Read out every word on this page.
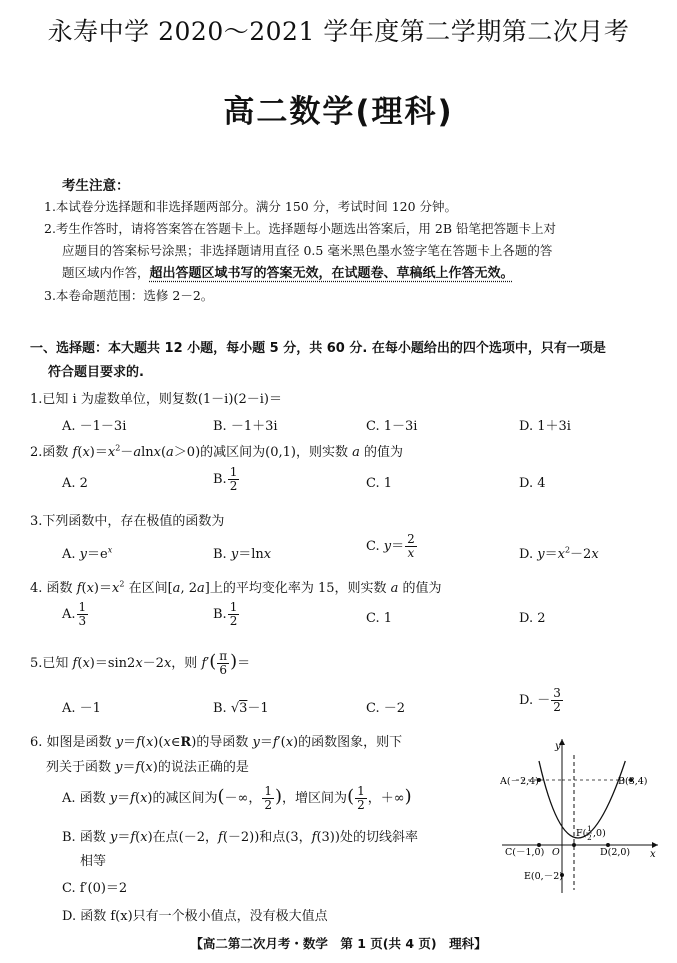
永寿中学 2020～2021 学年度第二学期第二次月考
高二数学(理科)
考生注意：
1.本试卷分选择题和非选择题两部分。满分 150 分，考试时间 120 分钟。
2.考生作答时，请将答案答在答题卡上。选择题每小题选出答案后，用 2B 铅笔把答题卡上对
应题目的答案标号涂黑；非选择题请用直径 0.5 毫米黑色墨水签字笔在答题卡上各题的答
题区域内作答，超出答题区域书写的答案无效，在试题卷、草稿纸上作答无效。
3.本卷命题范围：选修 2－2。
一、选择题：本大题共 12 小题，每小题 5 分，共 60 分. 在每小题给出的四个选项中，只有一项是
符合题目要求的.
1.已知 i 为虚数单位，则复数(1－i)(2－i)＝
A. －1－3i	B. －1＋3i	C. 1－3i	D. 1＋3i
2.函数 $f(x)=x^2-alnx(a>0)$的减区间为(0,1)，则实数 a 的值为
A. 2	B. $\frac{1}{2}$	C. 1	D. 4
3.下列函数中，存在极值的函数为
A. $y=e^x$	B. y＝lnx
C. $y= \frac{2}{x}$	D. $y=x^2-2x$
4. 函数 $f(x)=x^2$ 在区间[a, 2a]上的平均变化率为 15，则实数 a 的值为
A. $\frac{1}{3}$	B. $\frac{1}{2}$	C. 1	D. 2
5.已知 f(x)＝sin2x－2x，则 $f'( \frac{\pi}{6}$ )＝
A. －1	B. √3－1	C. －2
D. － $\frac{3}{2}$
6. 如图是函数 y＝f(x)(x∈R)的导函数 y＝f′(x)的函数图象，则下
列关于函数 y＝f(x)的说法正确的是
A. 函数 y＝f(x)的减区间为(－∞， $\frac{1}{2}$ )，增区间为( $\frac{1}{2}$ ，＋∞)
B. 函数 y＝f(x)在点(－2，f(－2))和点(3，f(3))处的切线斜率
相等
C. f′(0)＝2
D. 函数 f(x)只有一个极小值点，没有极大值点
y
x
A(－2,4)	B(3,4)
C(－1,0)	D(2,0)
E(0,－2)
O
F( 1
2 ,0)
【高二第二次月考・数学　第 1 页(共 4 页)　理科】
